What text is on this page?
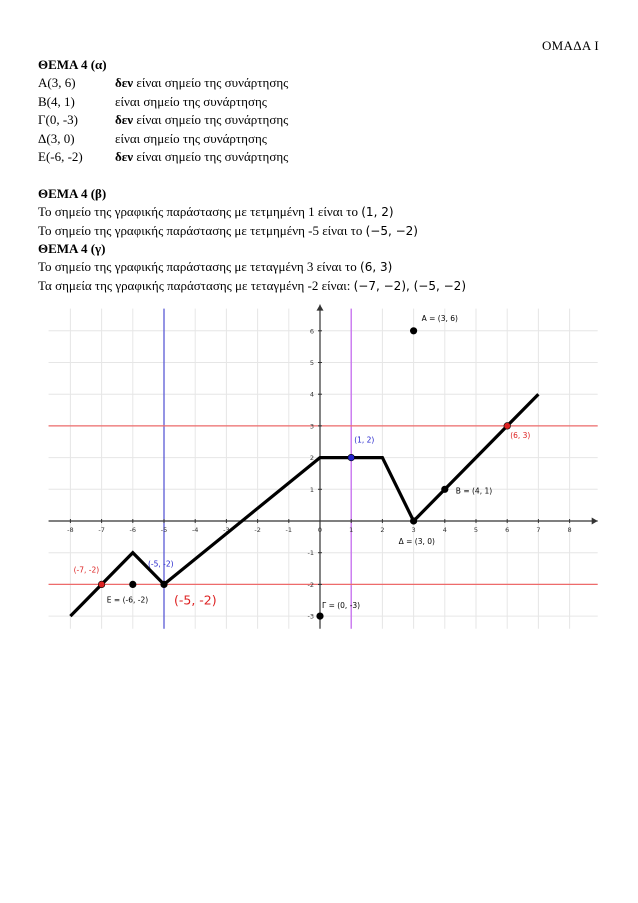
ΟΜΑΔΑ Ι
ΘΕΜΑ 4 (α)
Α(3, 6)	δεν είναι σημείο της συνάρτησης
Β(4, 1)	είναι σημείο της συνάρτησης
Γ(0, -3)	δεν είναι σημείο της συνάρτησης
Δ(3, 0)	είναι σημείο της συνάρτησης
Ε(-6, -2)	δεν είναι σημείο της συνάρτησης
ΘΕΜΑ 4 (β)
Το σημείο της γραφικής παράστασης με τετμημένη 1 είναι το (1, 2)
Το σημείο της γραφικής παράστασης με τετμημένη -5 είναι το (−5, −2)
ΘΕΜΑ 4 (γ)
Το σημείο της γραφικής παράστασης με τεταγμένη 3 είναι το (6, 3)
Τα σημεία της γραφικής παράστασης με τεταγμένη -2 είναι: (−7, −2), (−5, −2)
-8	-7	-6	-5	-4	-3	-2	-1	0	1	2	3	4	5	6	7	8
-3
-2
-1
1
2
3
4
5
6
A = (3, 6)
B = (4, 1)
Γ = (0, -3)
Δ = (3, 0)
E = (-6, -2)
(1, 2)
(6, 3)
(-7, -2)
(-5, -2)
(-5, -2)
